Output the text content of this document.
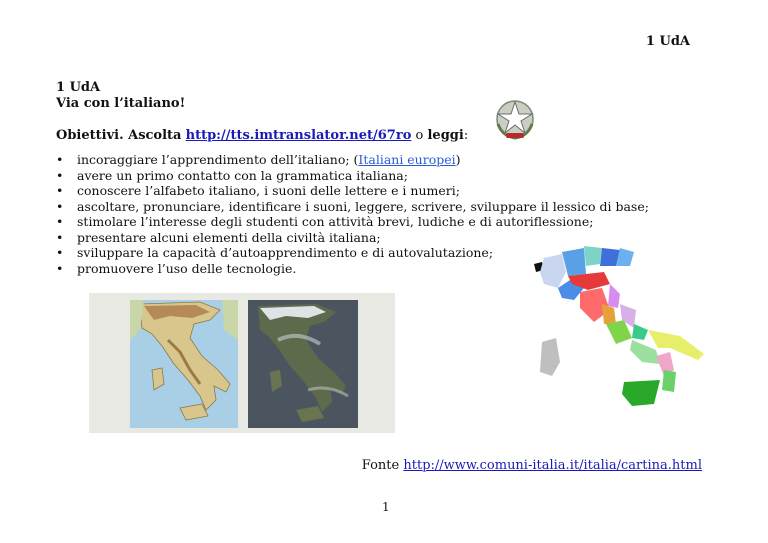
1 UdA
1 UdA
Via con l’italiano!
Obiettivi. Ascolta http://tts.imtranslator.net/67ro o leggi:
• incoraggiare l’apprendimento dell’italiano; (Italiani europei)
• avere un primo contatto con la grammatica italiana;
• conoscere l’alfabeto italiano, i suoni delle lettere e i numeri;
• ascoltare, pronunciare, identificare i suoni, leggere, scrivere, sviluppare il lessico di base;
• stimolare l’interesse degli studenti con attività brevi, ludiche e di autoriflessione;
• presentare alcuni elementi della civiltà italiana;
• sviluppare la capacità d’autoapprendimento e di autovalutazione;
• promuovere l’uso delle tecnologie.
Fonte http://www.comuni-italia.it/italia/cartina.html
1
